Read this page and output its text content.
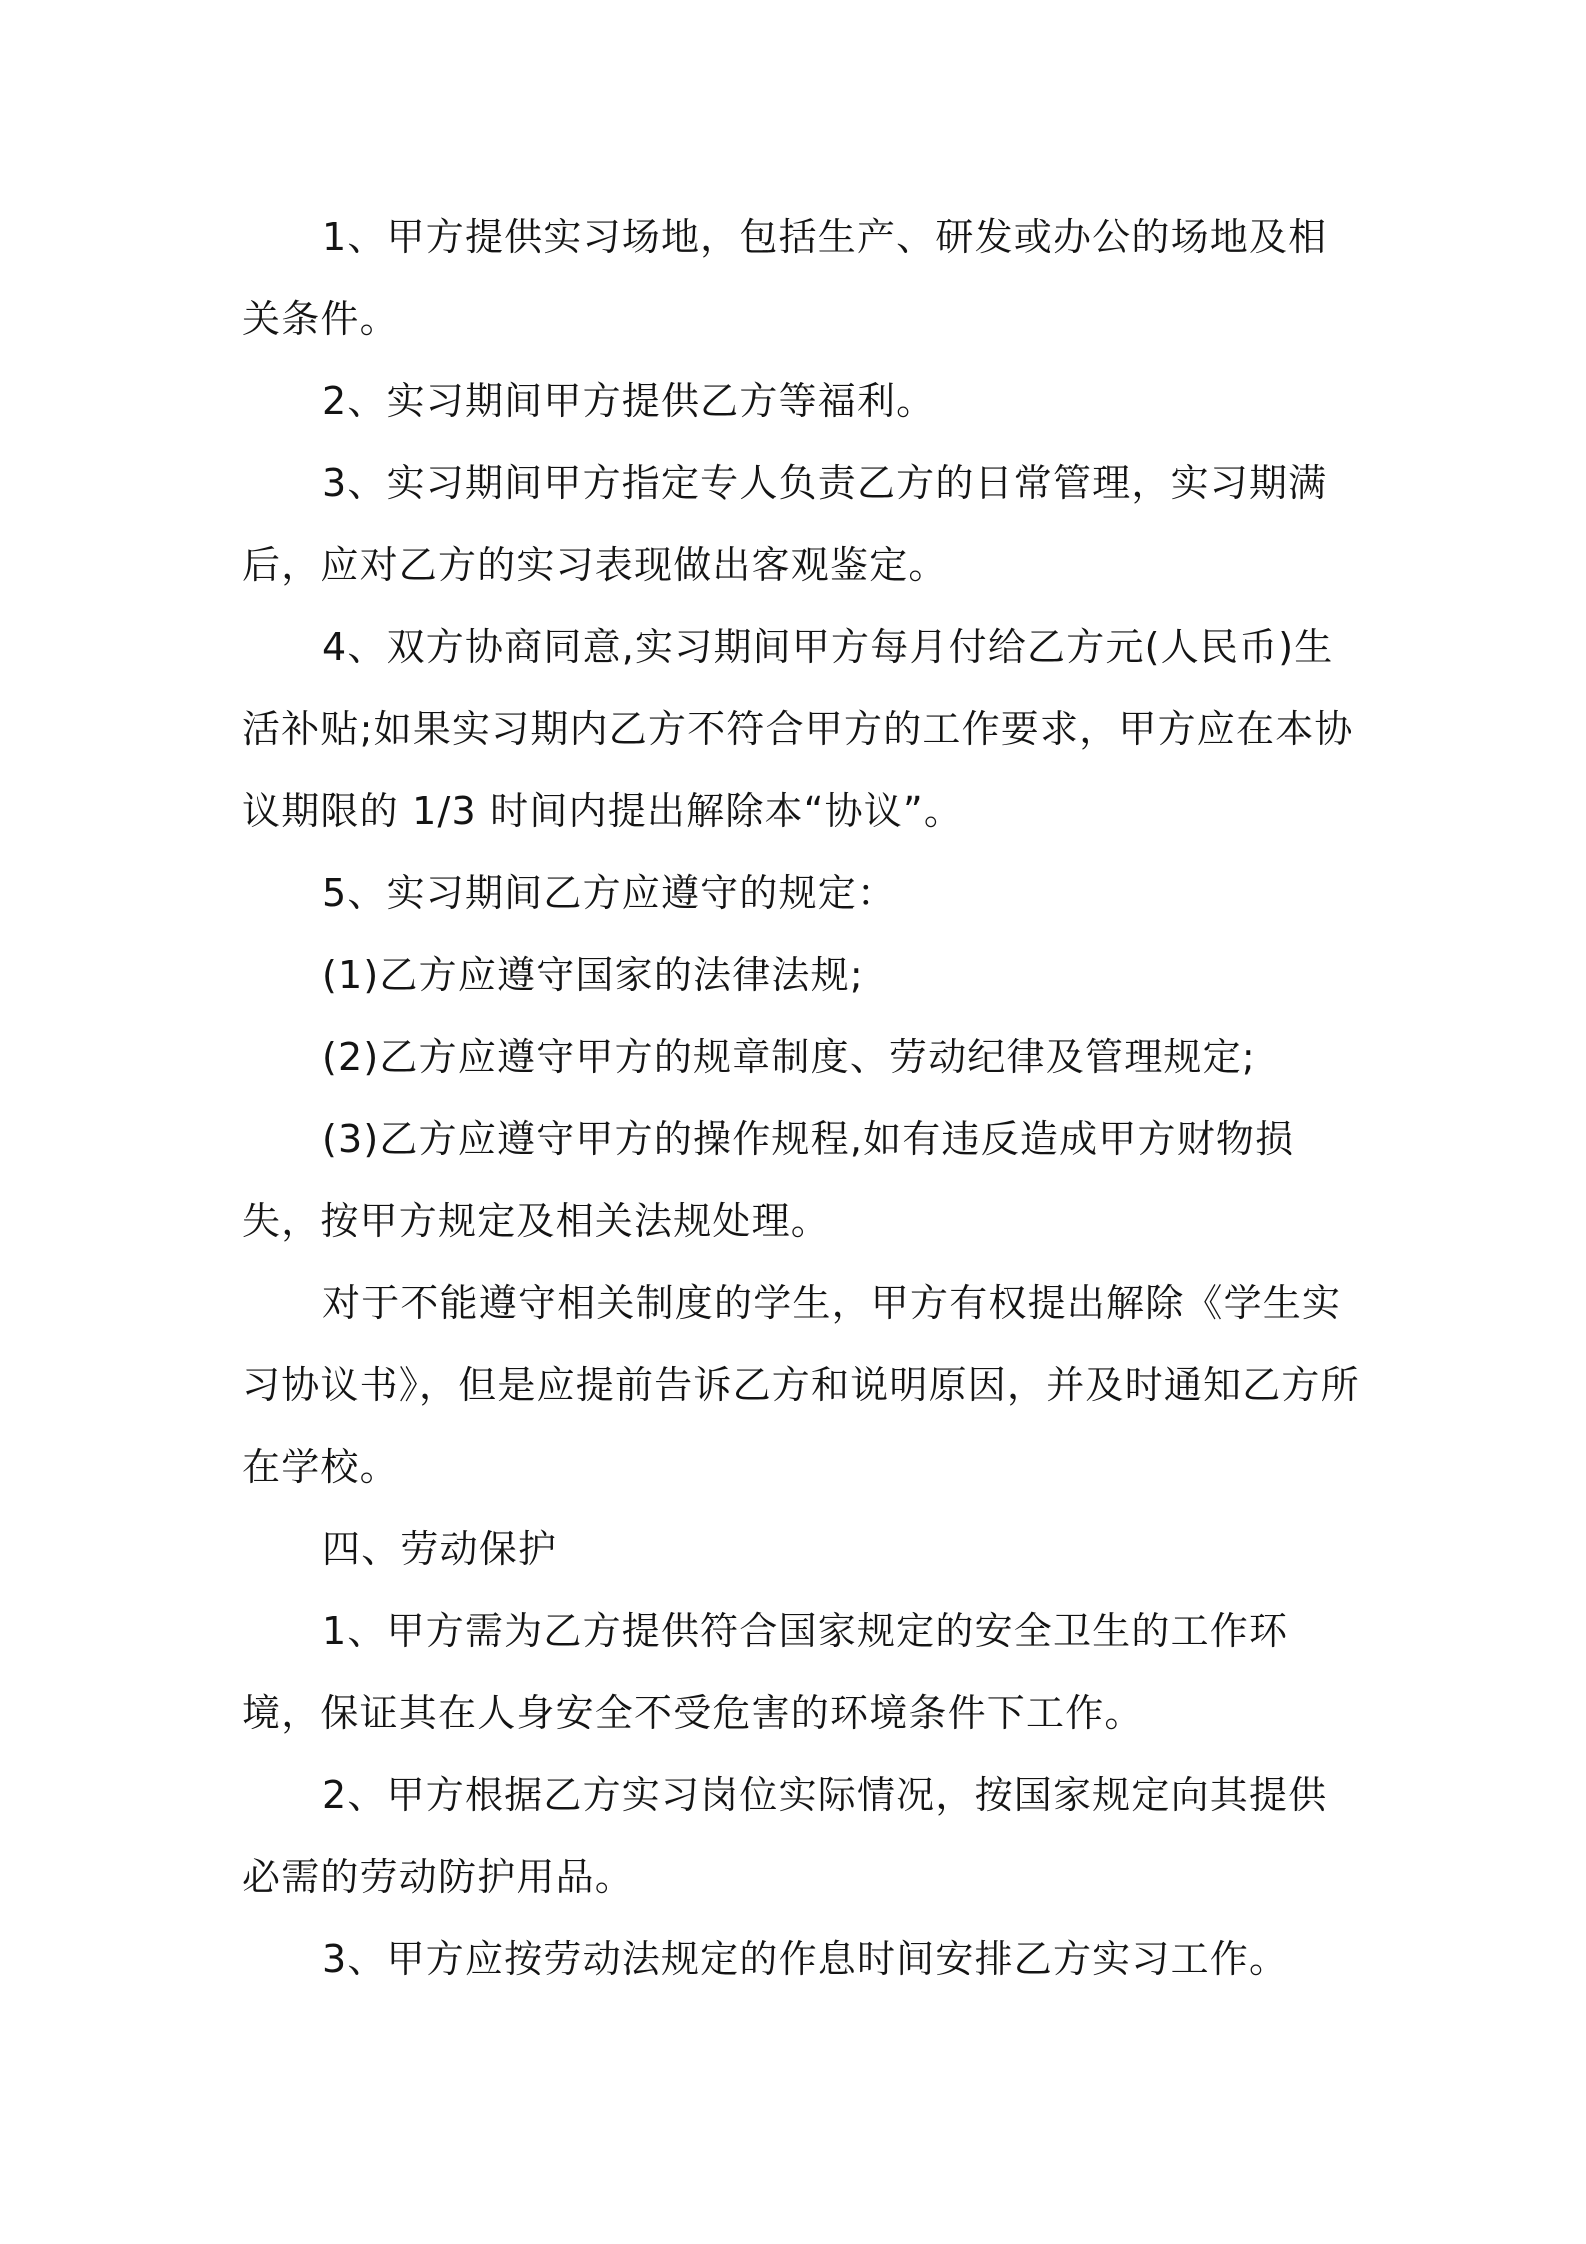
1、甲方提供实习场地，包括生产、研发或办公的场地及相关条件。

2、实习期间甲方提供乙方等福利。

3、实习期间甲方指定专人负责乙方的日常管理，实习期满后，应对乙方的实习表现做出客观鉴定。

4、双方协商同意,实习期间甲方每月付给乙方元(人民币)生活补贴;如果实习期内乙方不符合甲方的工作要求，甲方应在本协议期限的 1/3 时间内提出解除本“协议”。

5、实习期间乙方应遵守的规定：

(1)乙方应遵守国家的法律法规;

(2)乙方应遵守甲方的规章制度、劳动纪律及管理规定;

(3)乙方应遵守甲方的操作规程,如有违反造成甲方财物损失，按甲方规定及相关法规处理。

对于不能遵守相关制度的学生，甲方有权提出解除《学生实习协议书》，但是应提前告诉乙方和说明原因，并及时通知乙方所在学校。

四、劳动保护

1、甲方需为乙方提供符合国家规定的安全卫生的工作环境，保证其在人身安全不受危害的环境条件下工作。

2、甲方根据乙方实习岗位实际情况，按国家规定向其提供必需的劳动防护用品。

3、甲方应按劳动法规定的作息时间安排乙方实习工作。
